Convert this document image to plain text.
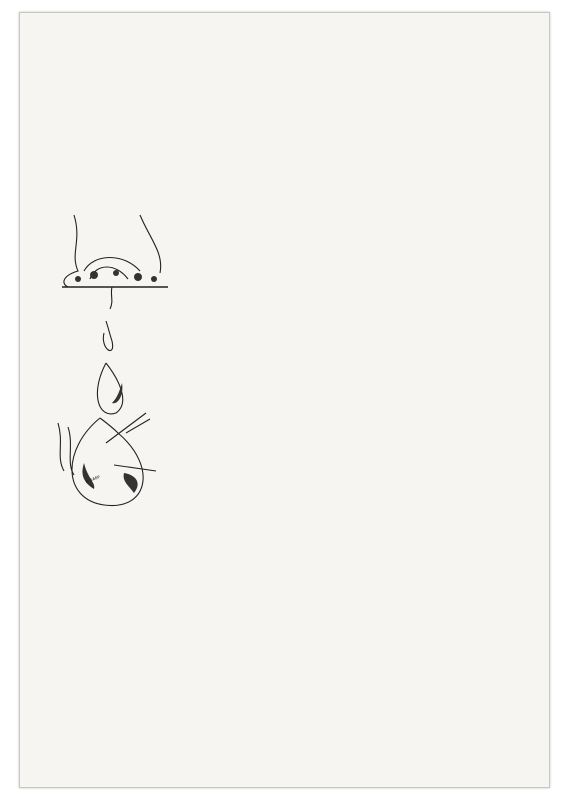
ᴀ sᴀᴇᴘ
